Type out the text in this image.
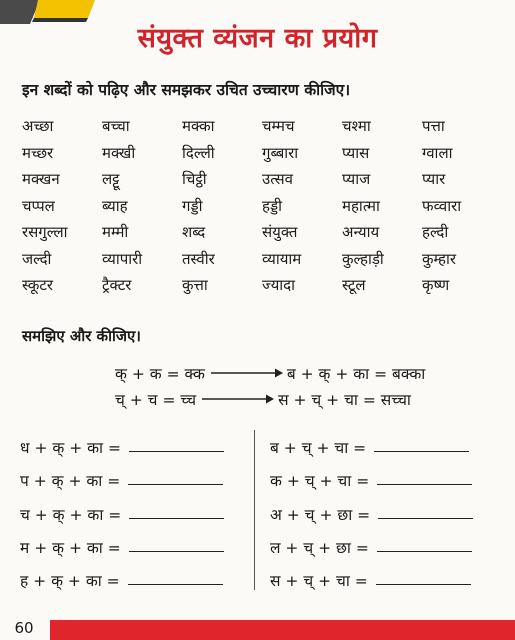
संयुक्त व्यंजन का प्रयोग
इन शब्दों को पढ़िए और समझकर उचित उच्चारण कीजिए।
अच्छा	बच्चा	मक्का	चम्मच	चश्मा	पत्ता
मच्छर	मक्खी	दिल्ली	गुब्बारा	प्यास	ग्वाला
मक्खन	लट्टू	चिट्ठी	उत्सव	प्याज	प्यार
चप्पल	ब्याह	गड्डी	हड्डी	महात्मा	फव्वारा
रसगुल्ला	मम्मी	शब्द	संयुक्त	अन्याय	हल्दी
जल्दी	व्यापारी	तस्वीर	व्यायाम	कुल्हाड़ी	कुम्हार
स्कूटर	ट्रैक्टर	कुत्ता	ज्यादा	स्टूल	कृष्ण
समझिए और कीजिए।
क् + क = क्क	ब + क् + का = बक्का
च् + च = च्च	स + च् + चा = सच्चा
ध + क् + का =
प + क् + का =
च + क् + का =
म + क् + का =
ह + क् + का =
ब + च् + चा =
क + च् + चा =
अ + च् + छा =
ल + च् + छा =
स + च् + चा =
60
